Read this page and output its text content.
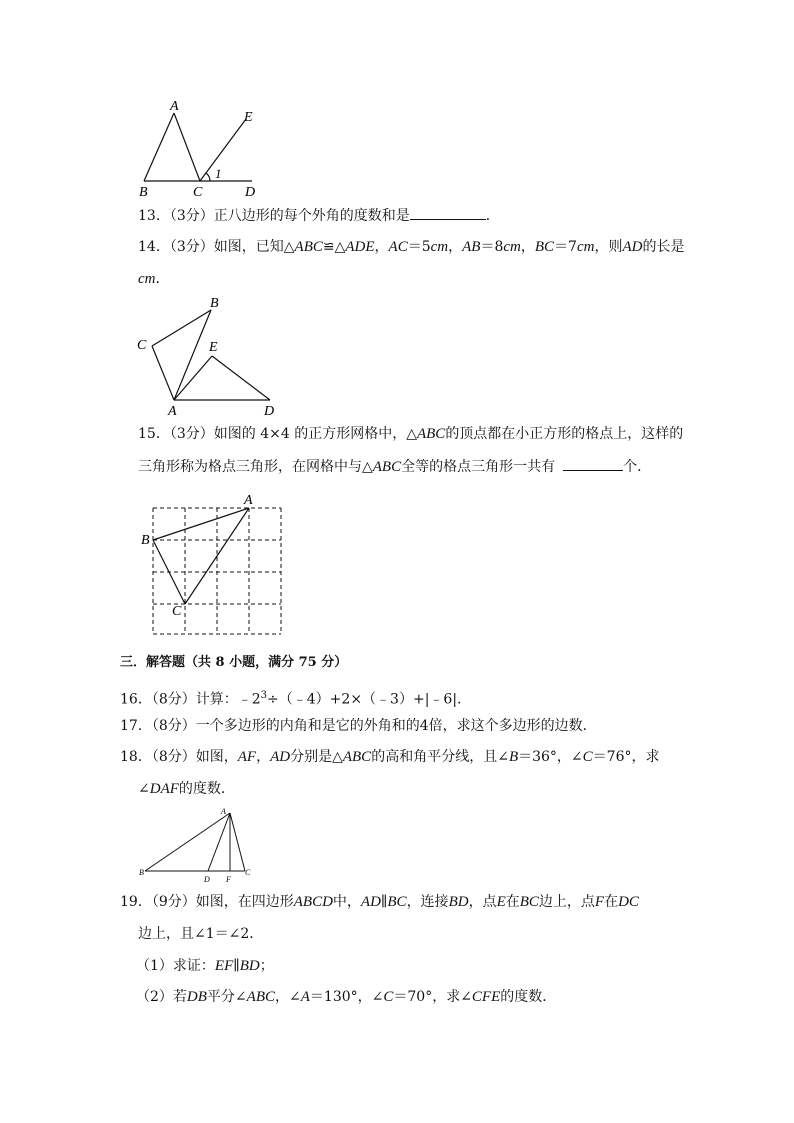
A
B	C	D
E
1
13．（3分）正八边形的每个外角的度数和是	．
14．（3分）如图，已知△ABC≌△ADE，AC＝5cm，AB＝8cm，BC＝7cm，则AD的长是
cm．
B
C	E
A	D
15．（3分）如图的 4×4 的正方形网格中，△ABC的顶点都在小正方形的格点上，这样的
三角形称为格点三角形，在网格中与△ABC全等的格点三角形一共有	个．
A
B
C
三．解答题（共 8 小题，满分 75 分）
16．（8分）计算：$﹣2^3\div(﹣4)+2\times(﹣3)+|﹣6|$.
17．（8分）一个多边形的内角和是它的外角和的4倍，求这个多边形的边数．
18．（8分）如图，AF，AD分别是△ABC的高和角平分线，且∠B＝36°，∠C＝76°，求
∠DAF的度数．
A
B	C
D F
19．（9分）如图，在四边形ABCD中，AD∥BC，连接BD，点E在BC边上，点F在DC
边上，且∠1＝∠2．
（1）求证：EF∥BD；
（2）若DB平分∠ABC，∠A＝130°，∠C＝70°，求∠CFE的度数．
